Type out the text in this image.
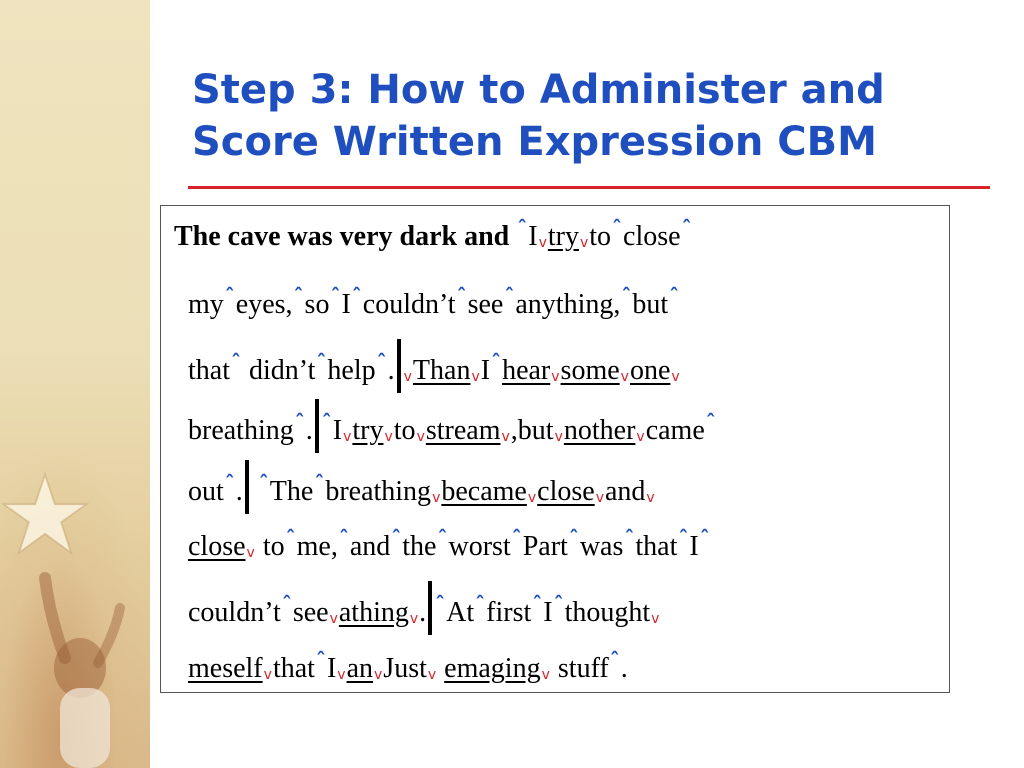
Step 3: How to Administer and
Score Written Expression CBM
The cave was very dark and $^ˆ$Ivtryvto$^ˆ$close$^ˆ$
$my^ˆeyes,^ˆso^ˆI^ˆcouldn’t^ˆsee^ˆanything,^ˆbut^ˆ$
that$^ˆ$ $didn’t^ˆhelp^ˆ$. vThanvI$^ˆ$hearvsomevonev
breathing$^ˆ$. $^ˆ$Ivtryvtovstreamv,butvnothervcame$^ˆ$
out$^ˆ$. $^ˆ$The$^ˆ$breathingvbecamevclosevandv
closev $to^ˆme,^ˆand^ˆthe^ˆworst^ˆPart^ˆwas^ˆthat^ˆI^ˆ$
$couldn’t^ˆseevathingv$. $^ˆAt^ˆfirst^ˆI^ˆthoughtv$
meselfvthat$^ˆ$IvanvJustv emagingv stuff$^ˆ$.
